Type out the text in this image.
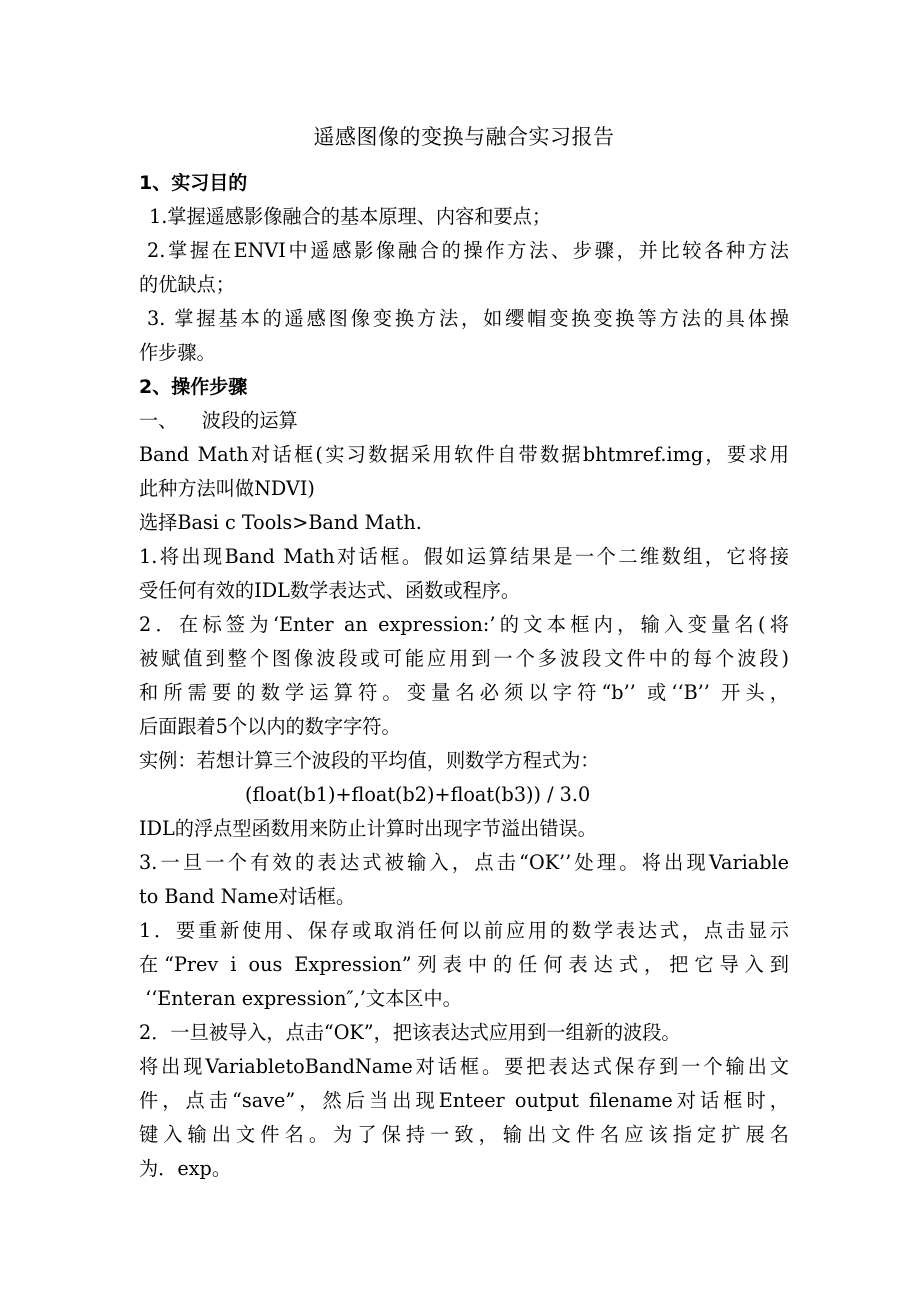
遥感图像的变换与融合实习报告
1、实习目的
1.掌握遥感影像融合的基本原理、内容和要点；
2.掌握在ENVI中遥感影像融合的操作方法、步骤，并比较各种方法
的优缺点；
3. 掌握基本的遥感图像变换方法，如缨帽变换变换等方法的具体操
作步骤。
2、操作步骤
一、    波段的运算
Band Math对话框(实习数据采用软件自带数据bhtmref.img，要求用
此种方法叫做NDVI)
选择Basi c Tools>Band Math.
1.将出现Band Math对话框。假如运算结果是一个二维数组，它将接
受任何有效的IDL数学表达式、函数或程序。
2．在标签为‘Enter an expression:’的文本框内，输入变量名(将
被赋值到整个图像波段或可能应用到一个多波段文件中的每个波段)
和所需要的数学运算符。变量名必须以字符“b’’ 或‘‘B’’ 开头，
后面跟着5个以内的数字字符。
实例：若想计算三个波段的平均值，则数学方程式为：
(float(b1)+float(b2)+float(b3)) / 3.0
IDL的浮点型函数用来防止计算时出现字节溢出错误。
3.一旦一个有效的表达式被输入，点击“OK’’处理。将出现Variable
to Band Name对话框。
1．要重新使用、保存或取消任何以前应用的数学表达式，点击显示
在“Prev i ous Expression”列表中的任何表达式，把它导入到
‘‘Enteran expression″,’文本区中。
2．一旦被导入，点击“OK”，把该表达式应用到一组新的波段。
将出现VariabletoBandName对话框。要把表达式保存到一个输出文
件，点击“save”，然后当出现Enteer output filename对话框时，
键入输出文件名。为了保持一致，输出文件名应该指定扩展名
为．exp。
